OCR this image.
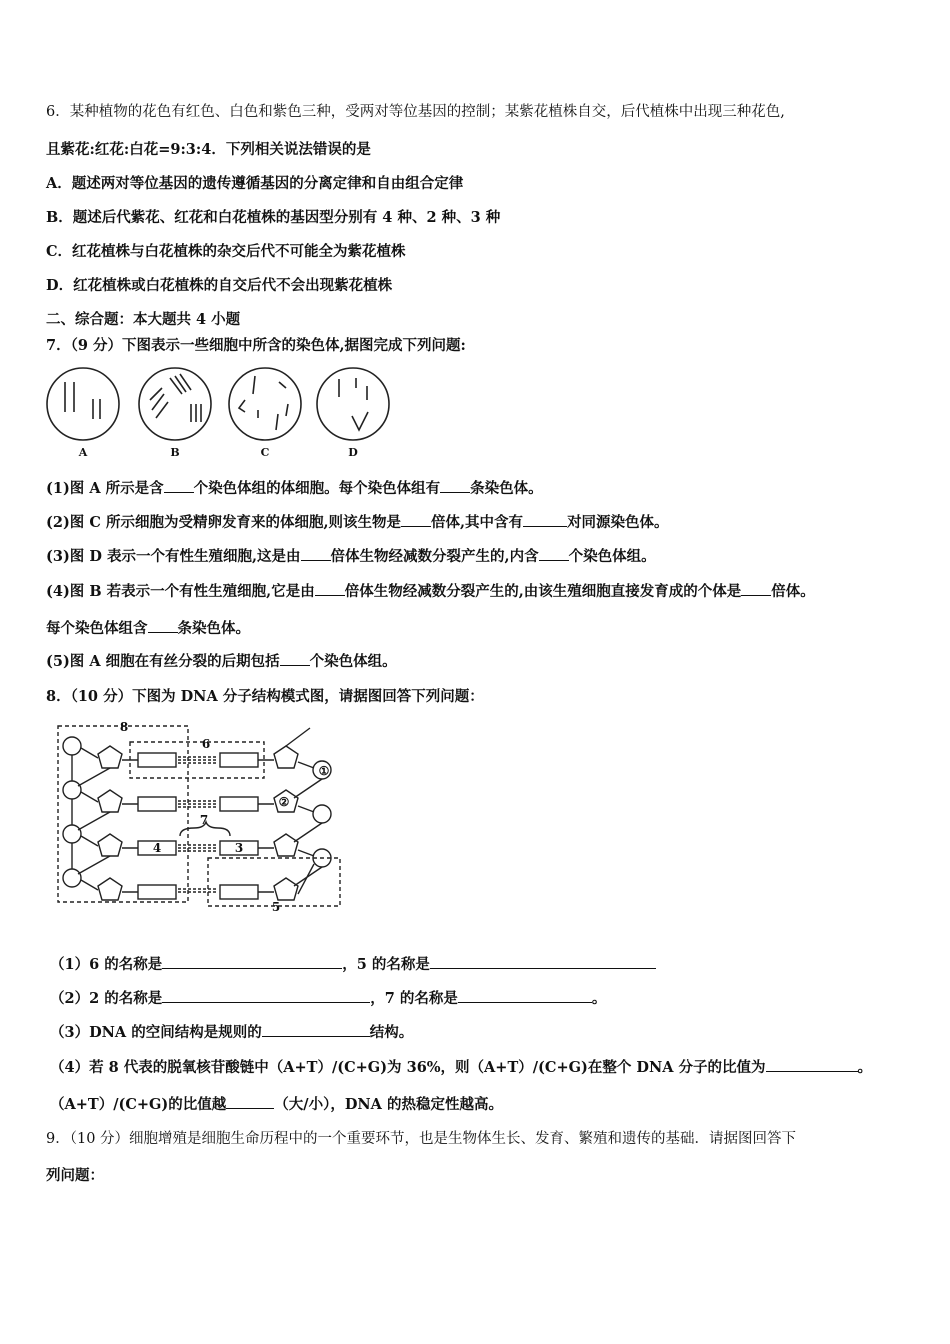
6．某种植物的花色有红色、白色和紫色三种，受两对等位基因的控制；某紫花植株自交，后代植株中出现三种花色,
且紫花:红花:白花=9:3:4．下列相关说法错误的是
A．题述两对等位基因的遗传遵循基因的分离定律和自由组合定律
B．题述后代紫花、红花和白花植株的基因型分别有 4 种、2 种、3 种
C．红花植株与白花植株的杂交后代不可能全为紫花植株
D．红花植株或白花植株的自交后代不会出现紫花植株
二、综合题：本大题共 4 小题
7．（9 分）下图表示一些细胞中所含的染色体,据图完成下列问题:
A	B	C	D
(1)图 A 所示是含 个染色体组的体细胞。每个染色体组有 条染色体。
(2)图 C 所示细胞为受精卵发育来的体细胞,则该生物是 倍体,其中含有	对同源染色体。
(3)图 D 表示一个有性生殖细胞,这是由 倍体生物经减数分裂产生的,内含 个染色体组。
(4)图 B 若表示一个有性生殖细胞,它是由 倍体生物经减数分裂产生的,由该生殖细胞直接发育成的个体是 倍体。
每个染色体组含 条染色体。
(5)图 A 细胞在有丝分裂的后期包括 个染色体组。
8．（10 分）下图为 DNA 分子结构模式图，请据图回答下列问题：
8
6
①
②
7
4	3
5
（1）6 的名称是	，5 的名称是
（2）2 的名称是	，7 的名称是	。
（3）DNA 的空间结构是规则的	结构。
（4）若 8 代表的脱氧核苷酸链中（A+T）/(C+G)为 36%，则（A+T）/(C+G)在整个 DNA 分子的比值为	。
（A+T）/(C+G)的比值越	（大/小），DNA 的热稳定性越高。
9．（10 分）细胞增殖是细胞生命历程中的一个重要环节，也是生物体生长、发育、繁殖和遗传的基础．请据图回答下
列问题：
